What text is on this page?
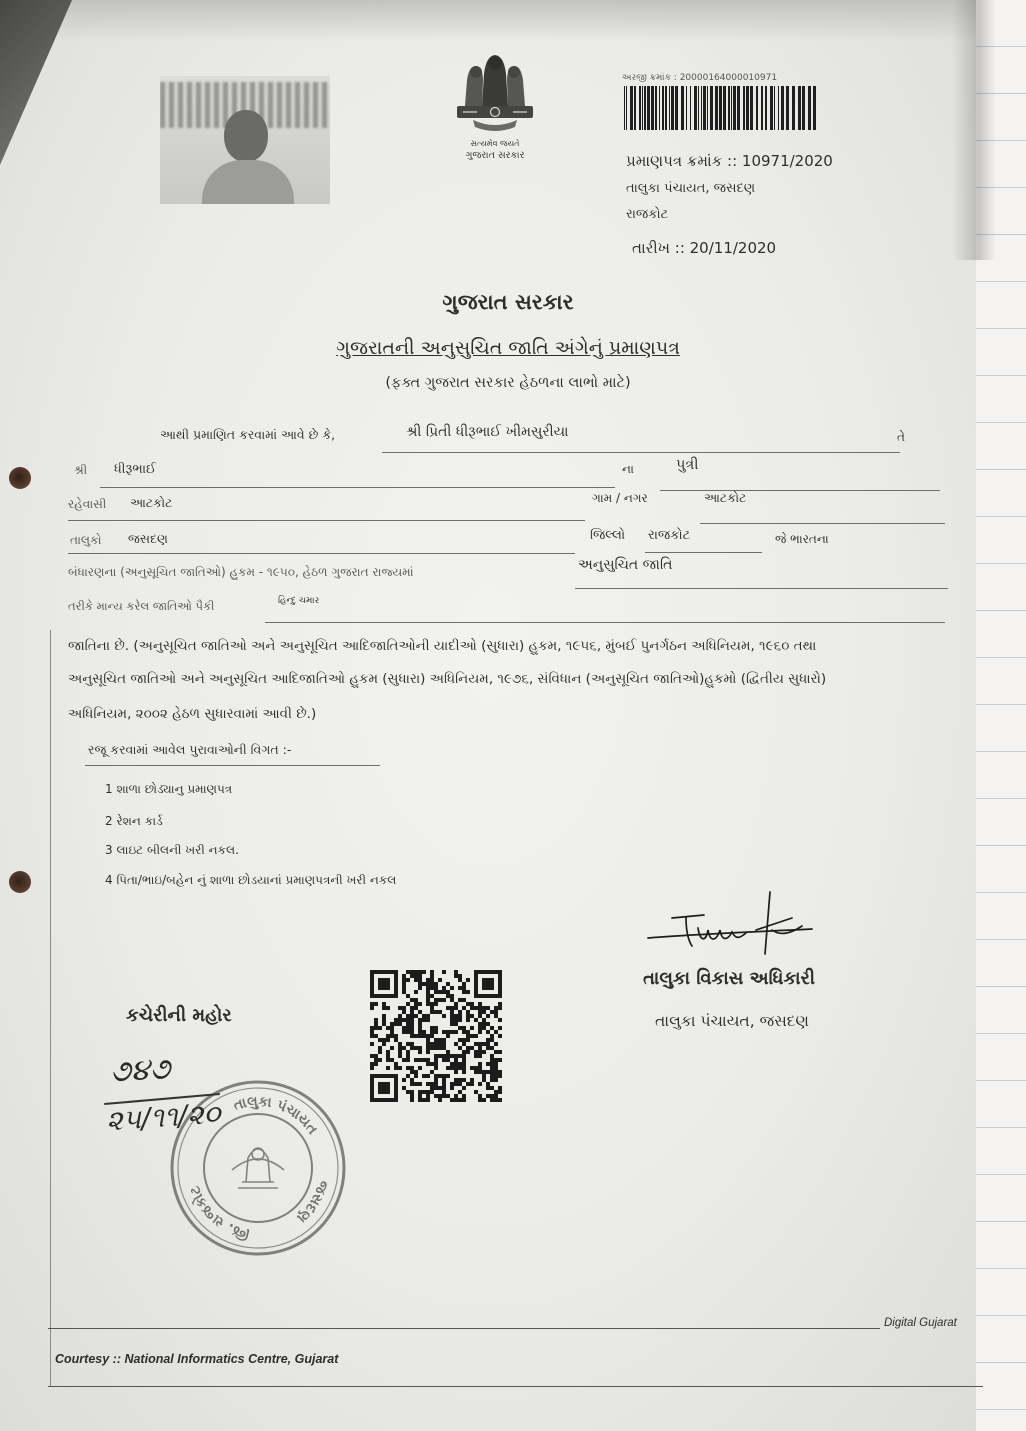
સત્યમેવ જયતે
ગુજરાત સરકાર
અરજી ક્રમાંક : 20000164000010971
પ્રમાણપત્ર ક્રમાંક :: 10971/2020
તાલુકા પંચાયત, જસદણ
રાજકોટ
તારીખ :: 20/11/2020
ગુજરાત સરકાર
ગુજરાતની અનુસુચિત જાતિ અંગેનું પ્રમાણપત્ર
(ફક્ત ગુજરાત સરકાર હેઠળના લાભો માટે)
આથી પ્રમાણિત કરવામાં આવે છે કે,	શ્રી પ્રિતી ધીરૂભાઈ ખીમસુરીયા	તે
શ્રી	ધીરૂભાઈ	ના	પુત્રી
રહેવાસી	આટકોટ	ગામ / નગર	આટકોટ
તાલુકો	જસદણ	જિલ્લો	રાજકોટ	જે ભારતના
બંધારણના (અનુસૂચિત જાતિઓ) હુકમ - ૧૯૫૦, હેઠળ ગુજરાત રાજ્યમાં	અનુસુચિત જાતિ
તરીકે માન્ય કરેલ જાતિઓ પૈકી	હિન્દુ ચમાર
જાતિના છે. (અનુસૂચિત જાતિઓ અને અનુસૂચિત આદિજાતિઓની યાદીઓ (સુધારા) હુકમ, ૧૯૫૬, મુંબઈ પુનર્ગઠન અધિનિયમ, ૧૯૬૦ તથા
અનુસૂચિત જાતિઓ અને અનુસૂચિત આદિજાતિઓ હુકમ (સુધારા) અધિનિયમ, ૧૯૭૬, સંવિધાન (અનુસૂચિત જાતિઓ)હુકમો (દ્વિતીય સુધારો)
અધિનિયમ, ૨૦૦૨ હેઠળ સુધારવામાં આવી છે.)
રજૂ કરવામાં આવેલ પુરાવાઓની વિગત :-
1 શાળા છોડ્યાનુ પ્રમાણપત્ર
2 રેશન કાર્ડ
3 લાઇટ બીલની ખરી નકલ.
4 પિતા/ભાઇ/બહેન નું શાળા છોડયાનાં પ્રમાણપત્રની ખરી નકલ
તાલુકા વિકાસ અધિકારી
તાલુકા પંચાયત, જસદણ
કચેરીની મહોર
તાલુકા પંચાયત
જસદણ
જિ. રાજકોટ
૭૪૭
૨૫/૧૧/૨૦
Digital Gujarat
Courtesy :: National Informatics Centre, Gujarat
